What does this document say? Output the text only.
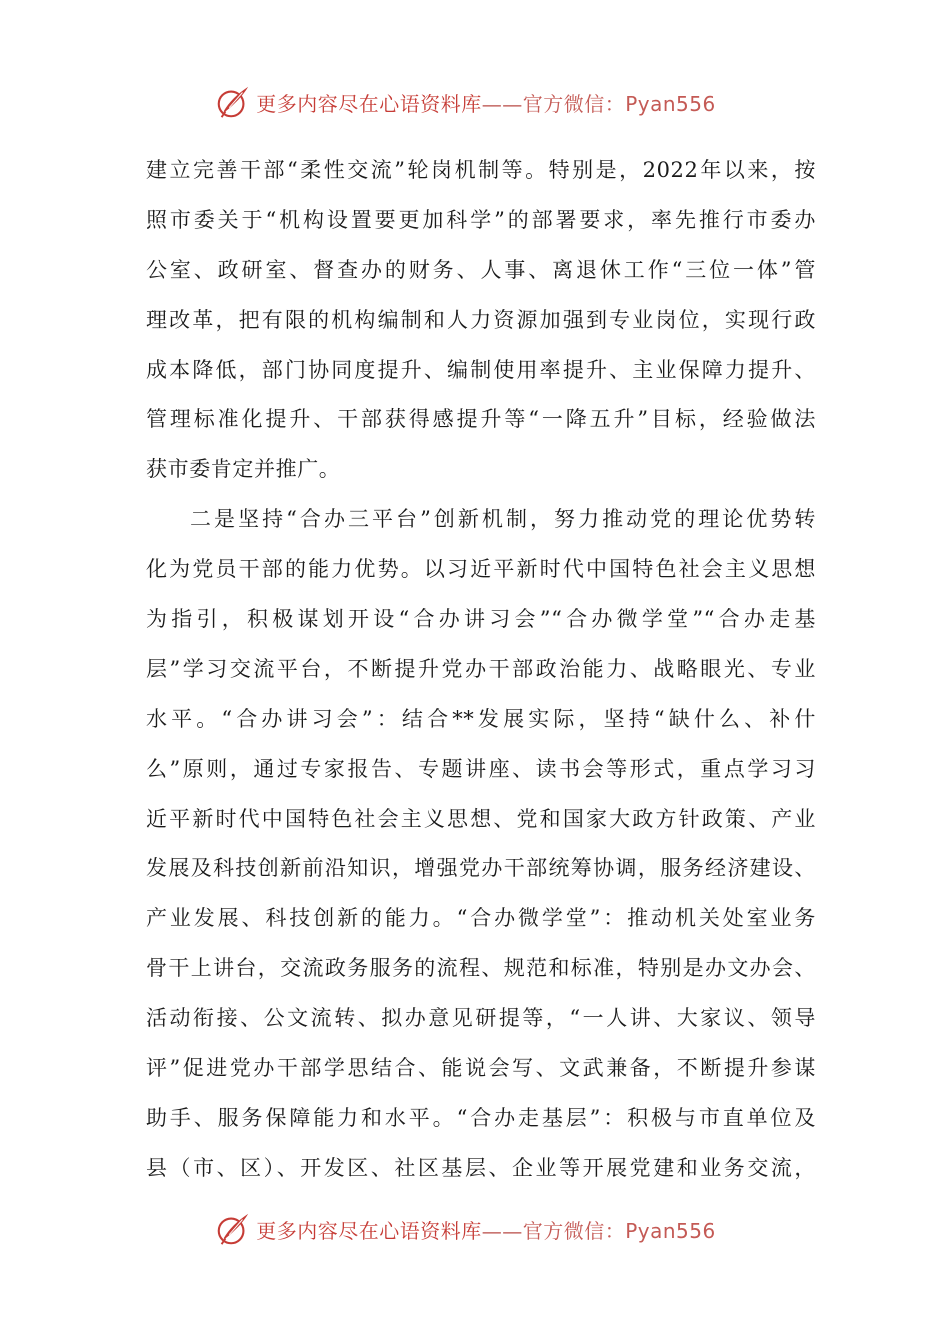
更多内容尽在心语资料库——官方微信：Pyan556
建立完善干部“柔性交流”轮岗机制等。特别是，2022年以来，按
照市委关于“机构设置要更加科学”的部署要求，率先推行市委办
公室、政研室、督查办的财务、人事、离退休工作“三位一体”管
理改革，把有限的机构编制和人力资源加强到专业岗位，实现行政
成本降低，部门协同度提升、编制使用率提升、主业保障力提升、
管理标准化提升、干部获得感提升等“一降五升”目标，经验做法
获市委肯定并推广。
二是坚持“合办三平台”创新机制，努力推动党的理论优势转
化为党员干部的能力优势。以习近平新时代中国特色社会主义思想
为指引，积极谋划开设“合办讲习会”“合办微学堂”“合办走基
层”学习交流平台，不断提升党办干部政治能力、战略眼光、专业
水平。“合办讲习会”：结合**发展实际，坚持“缺什么、补什
么”原则，通过专家报告、专题讲座、读书会等形式，重点学习习
近平新时代中国特色社会主义思想、党和国家大政方针政策、产业
发展及科技创新前沿知识，增强党办干部统筹协调，服务经济建设、
产业发展、科技创新的能力。“合办微学堂”：推动机关处室业务
骨干上讲台，交流政务服务的流程、规范和标准，特别是办文办会、
活动衔接、公文流转、拟办意见研提等，“一人讲、大家议、领导
评”促进党办干部学思结合、能说会写、文武兼备，不断提升参谋
助手、服务保障能力和水平。“合办走基层”：积极与市直单位及
县（市、区）、开发区、社区基层、企业等开展党建和业务交流，
更多内容尽在心语资料库——官方微信：Pyan556
